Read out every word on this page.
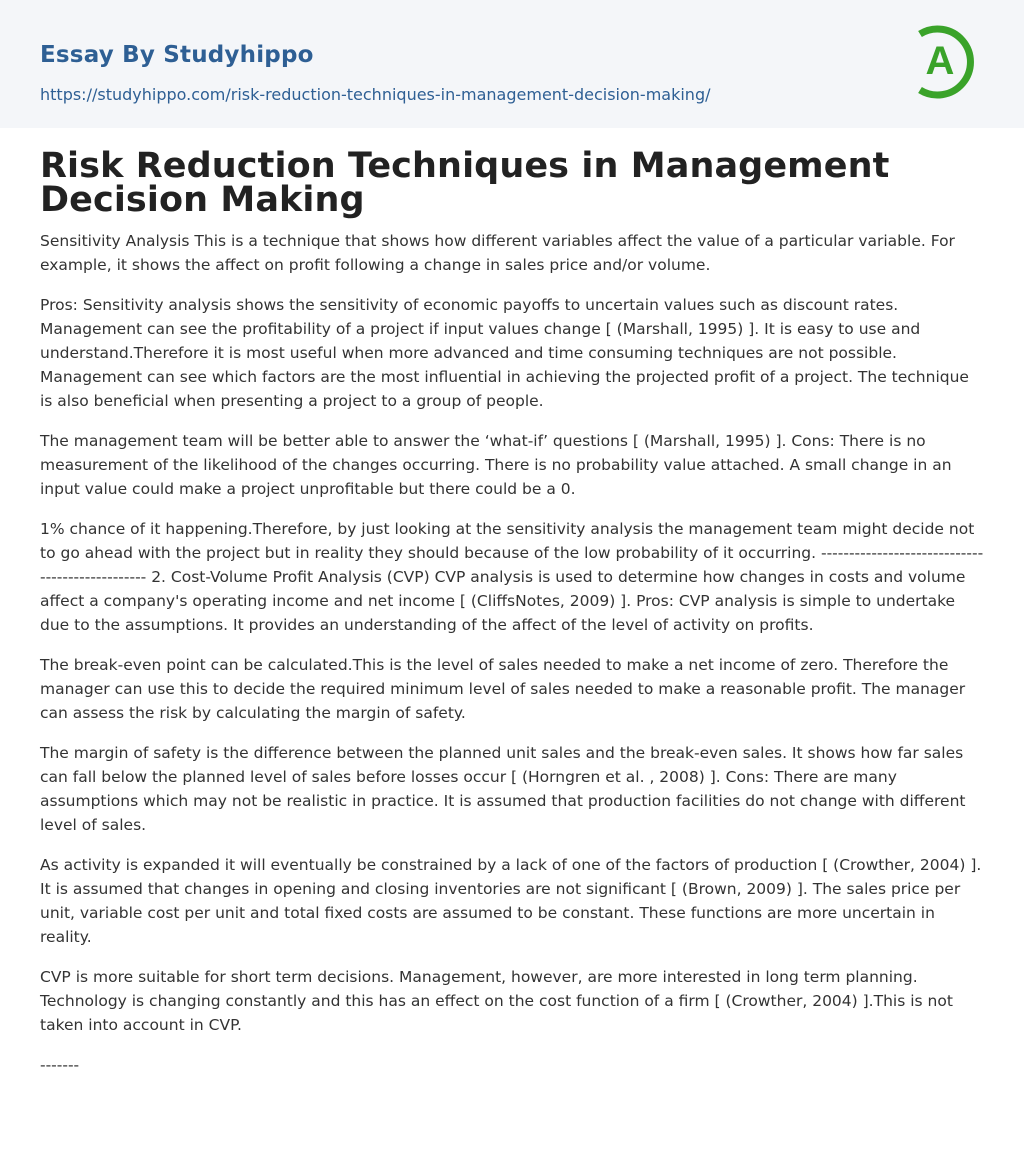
Essay By Studyhippo
https://studyhippo.com/risk-reduction-techniques-in-management-decision-making/
A
Risk Reduction Techniques in Management Decision Making

Sensitivity Analysis This is a technique that shows how different variables affect the value of a particular variable. For example, it shows the affect on profit following a change in sales price and/or volume.

Pros: Sensitivity analysis shows the sensitivity of economic payoffs to uncertain values such as discount rates. Management can see the profitability of a project if input values change [ (Marshall, 1995) ]. It is easy to use and understand.Therefore it is most useful when more advanced and time consuming techniques are not possible. Management can see which factors are the most influential in achieving the projected profit of a project. The technique is also beneficial when presenting a project to a group of people.

The management team will be better able to answer the ‘what-if’ questions [ (Marshall, 1995) ]. Cons: There is no measurement of the likelihood of the changes occurring. There is no probability value attached. A small change in an input value could make a project unprofitable but there could be a 0.

1% chance of it happening.Therefore, by just looking at the sensitivity analysis the management team might decide not to go ahead with the project but in reality they should because of the low probability of it occurring. ------------------------------------------------ 2. Cost-Volume Profit Analysis (CVP) CVP analysis is used to determine how changes in costs and volume affect a company's operating income and net income [ (CliffsNotes, 2009) ]. Pros: CVP analysis is simple to undertake due to the assumptions. It provides an understanding of the affect of the level of activity on profits.

The break-even point can be calculated.This is the level of sales needed to make a net income of zero. Therefore the manager can use this to decide the required minimum level of sales needed to make a reasonable profit. The manager can assess the risk by calculating the margin of safety.

The margin of safety is the difference between the planned unit sales and the break-even sales. It shows how far sales can fall below the planned level of sales before losses occur [ (Horngren et al. , 2008) ]. Cons: There are many assumptions which may not be realistic in practice. It is assumed that production facilities do not change with different level of sales.

As activity is expanded it will eventually be constrained by a lack of one of the factors of production [ (Crowther, 2004) ]. It is assumed that changes in opening and closing inventories are not significant [ (Brown, 2009) ]. The sales price per unit, variable cost per unit and total fixed costs are assumed to be constant. These functions are more uncertain in reality.

CVP is more suitable for short term decisions. Management, however, are more interested in long term planning. Technology is changing constantly and this has an effect on the cost function of a firm [ (Crowther, 2004) ].This is not taken into account in CVP.

-------
